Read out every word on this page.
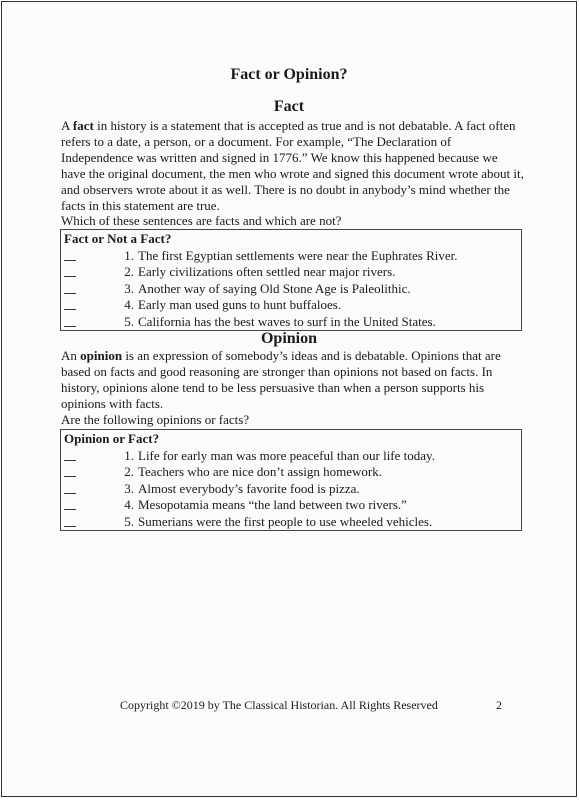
Fact or Opinion?
Fact
A fact in history is a statement that is accepted as true and is not debatable. A fact often
refers to a date, a person, or a document. For example, “The Declaration of
Independence was written and signed in 1776.” We know this happened because we
have the original document, the men who wrote and signed this document wrote about it,
and observers wrote about it as well. There is no doubt in anybody’s mind whether the
facts in this statement are true.
Which of these sentences are facts and which are not?
Fact or Not a Fact?
1. The first Egyptian settlements were near the Euphrates River.
2. Early civilizations often settled near major rivers.
3. Another way of saying Old Stone Age is Paleolithic.
4. Early man used guns to hunt buffaloes.
5. California has the best waves to surf in the United States.
Opinion
An opinion is an expression of somebody’s ideas and is debatable. Opinions that are
based on facts and good reasoning are stronger than opinions not based on facts. In
history, opinions alone tend to be less persuasive than when a person supports his
opinions with facts.
Are the following opinions or facts?
Opinion or Fact?
1. Life for early man was more peaceful than our life today.
2. Teachers who are nice don’t assign homework.
3. Almost everybody’s favorite food is pizza.
4. Mesopotamia means “the land between two rivers.”
5. Sumerians were the first people to use wheeled vehicles.
Copyright ©2019 by The Classical Historian. All Rights Reserved	2
